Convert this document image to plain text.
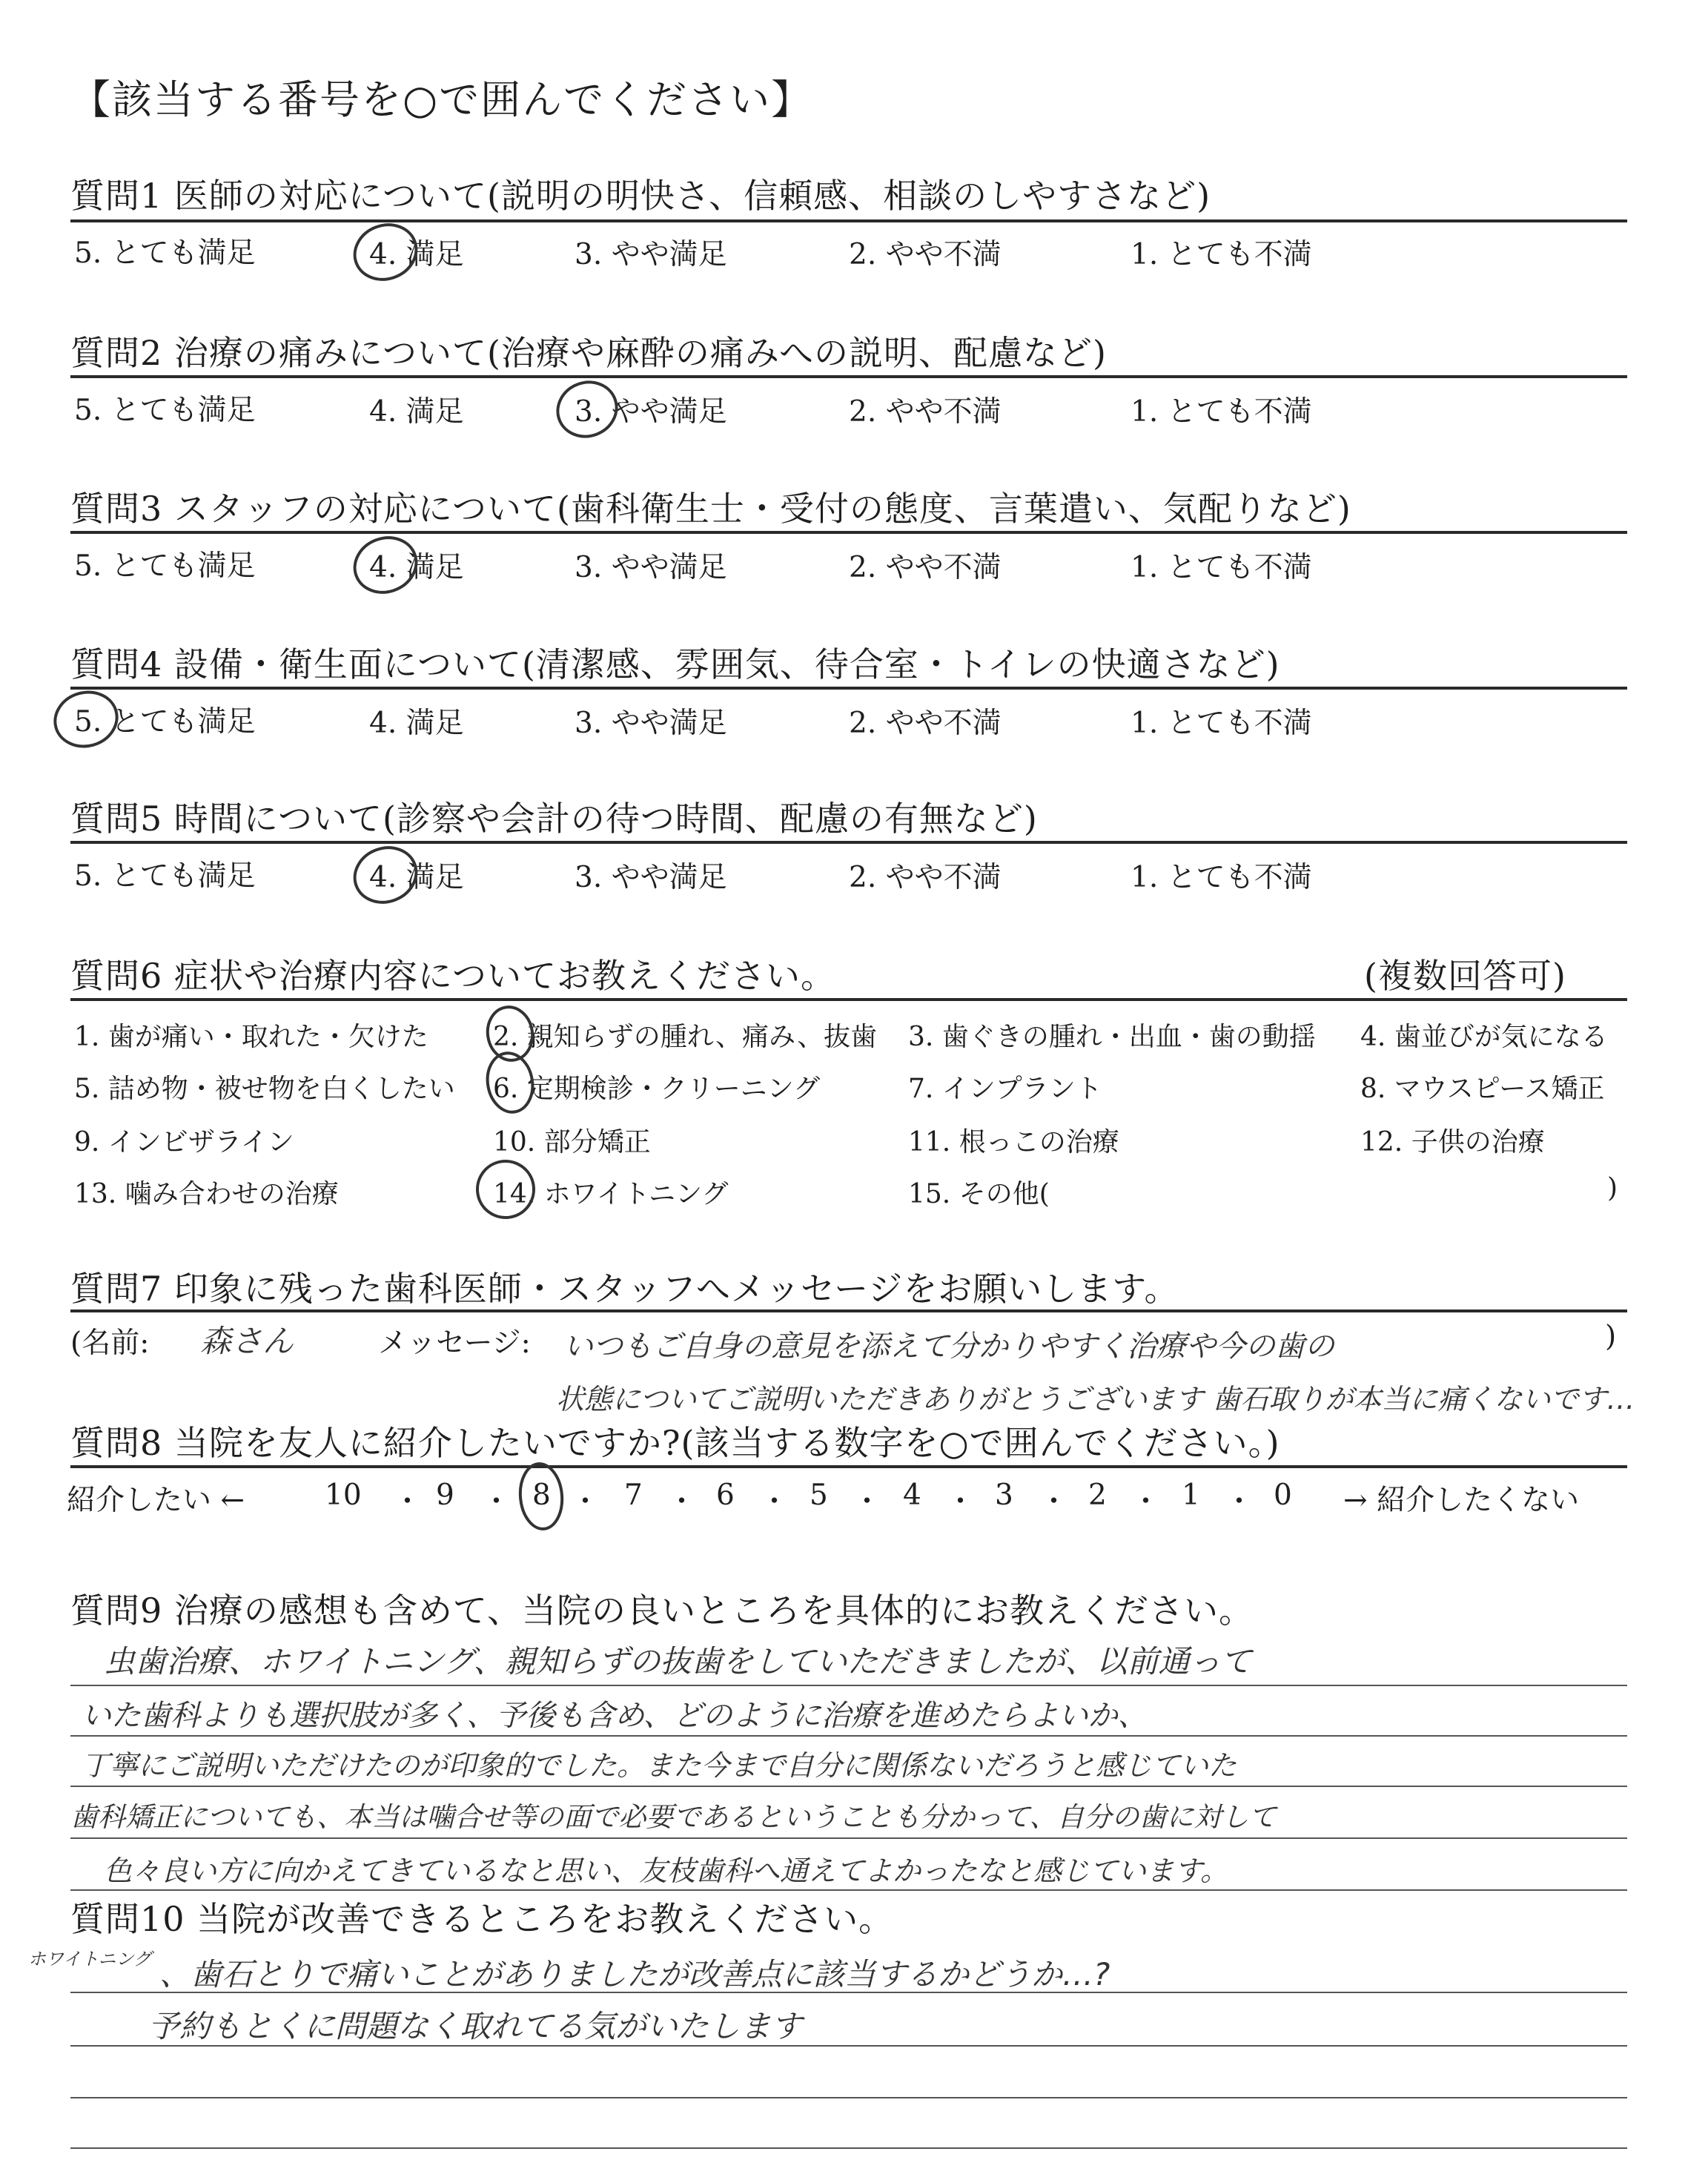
【該当する番号を○で囲んでください】
質問1 医師の対応について(説明の明快さ、信頼感、相談のしやすさなど)
5. とても満足	4. 満足	3. やや満足	2. やや不満	1. とても不満
質問2 治療の痛みについて(治療や麻酔の痛みへの説明、配慮など)
5. とても満足	4. 満足	3. やや満足	2. やや不満	1. とても不満
質問3 スタッフの対応について(歯科衛生士・受付の態度、言葉遣い、気配りなど)
5. とても満足	4. 満足	3. やや満足	2. やや不満	1. とても不満
質問4 設備・衛生面について(清潔感、雰囲気、待合室・トイレの快適さなど)
5. とても満足	4. 満足	3. やや満足	2. やや不満	1. とても不満
質問5 時間について(診察や会計の待つ時間、配慮の有無など)
5. とても満足	4. 満足	3. やや満足	2. やや不満	1. とても不満
質問6 症状や治療内容についてお教えください。	(複数回答可)
1. 歯が痛い・取れた・欠けた 2. 親知らずの腫れ、痛み、抜歯 3. 歯ぐきの腫れ・出血・歯の動揺 4. 歯並びが気になる
5. 詰め物・被せ物を白くしたい 6. 定期検診・クリーニング	7. インプラント	8. マウスピース矯正
9. インビザライン	10. 部分矯正	11. 根っこの治療	12. 子供の治療
13. 噛み合わせの治療	14. ホワイトニング	15. その他(	)
質問7 印象に残った歯科医師・スタッフへメッセージをお願いします。
(名前: 森さん	メッセージ: いつもご自身の意見を添えて分かりやすく治療や今の歯の	)
状態についてご説明いただきありがとうございます 歯石取りが本当に痛くないです…
質問8 当院を友人に紹介したいですか?(該当する数字を○で囲んでください。)
紹介したい ←	10 ・ 9 ・ 8 ・ 7 ・ 6 ・ 5 ・ 4 ・ 3 ・ 2 ・ 1 ・ 0 → 紹介したくない
質問9 治療の感想も含めて、当院の良いところを具体的にお教えください。
虫歯治療、ホワイトニング、親知らずの抜歯をしていただきましたが、以前通って
いた歯科よりも選択肢が多く、予後も含め、どのように治療を進めたらよいか、
丁寧にご説明いただけたのが印象的でした。また今まで自分に関係ないだろうと感じていた
歯科矯正についても、本当は噛合せ等の面で必要であるということも分かって、自分の歯に対して
色々良い方に向かえてきているなと思い、友枝歯科へ通えてよかったなと感じています。
質問10 当院が改善できるところをお教えください。
ホワイトニング 、歯石とりで痛いことがありましたが改善点に該当するかどうか…?
予約もとくに問題なく取れてる気がいたします
